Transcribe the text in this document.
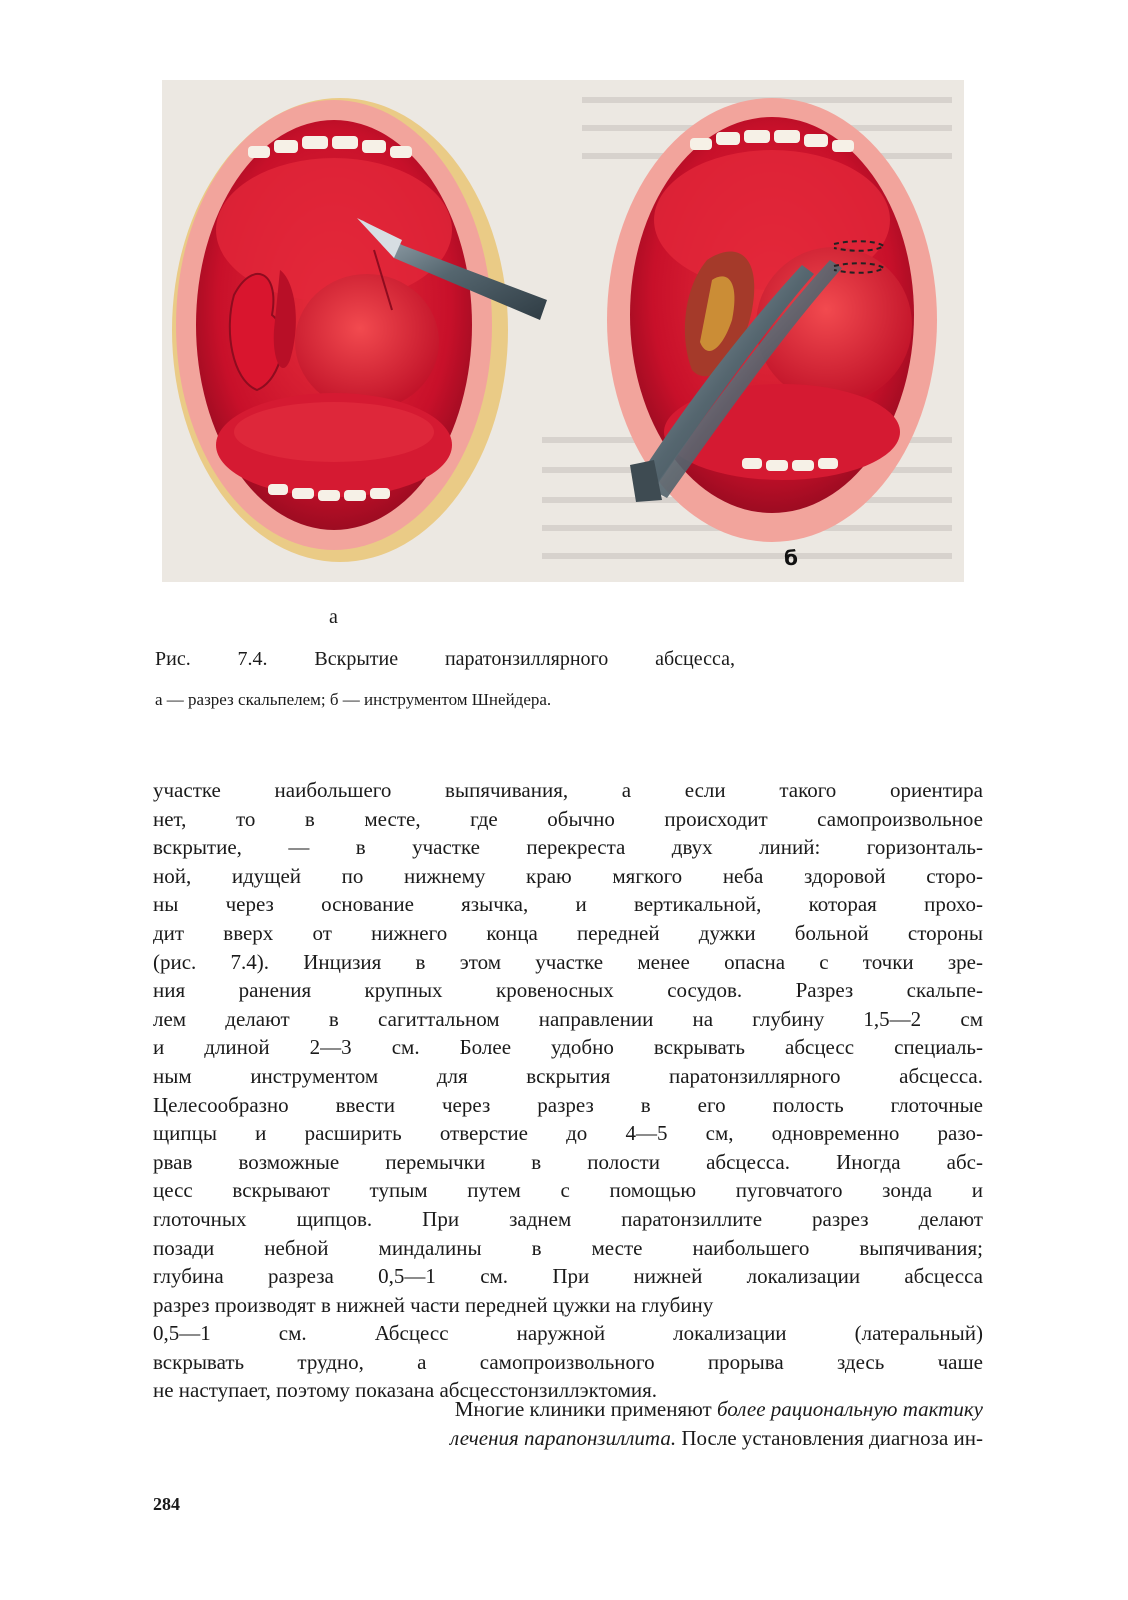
б
а
Рис. 7.4. Вскрытие паратонзиллярного абсцесса,
а — разрез скальпелем; б — инструментом Шнейдера.
участке наибольшего выпячивания, а если такого ориентира
нет, то в месте, где обычно происходит самопроизвольное
вскрытие, — в участке перекреста двух линий: горизонталь-
ной, идущей по нижнему краю мягкого неба здоровой сторо-
ны через основание язычка, и вертикальной, которая прохо-
дит вверх от нижнего конца передней дужки больной стороны
(рис. 7.4). Инцизия в этом участке менее опасна с точки зре-
ния ранения крупных кровеносных сосудов. Разрез скальпе-
лем делают в сагиттальном направлении на глубину 1,5—2 см
и длиной 2—3 см. Более удобно вскрывать абсцесс специаль-
ным инструментом для вскрытия паратонзиллярного абсцесса.
Целесообразно ввести через разрез в его полость глоточные
щипцы и расширить отверстие до 4—5 см, одновременно разо-
рвав возможные перемычки в полости абсцесса. Иногда абс-
цесс вскрывают тупым путем с помощью пуговчатого зонда и
глоточных щипцов. При заднем паратонзиллите разрез делают
позади небной миндалины в месте наибольшего выпячивания;
глубина разреза 0,5—1 см. При нижней локализации абсцесса
разрез производят в нижней части передней цужки на глубину
0,5—1 см. Абсцесс наружной локализации (латеральный)
вскрывать трудно, а самопроизвольного прорыва здесь чаше
не наступает, поэтому показана абсцесстонзиллэктомия.
Многие клиники применяют более рациональную тактику
лечения парапонзиллита. После установления диагноза ин-
284
